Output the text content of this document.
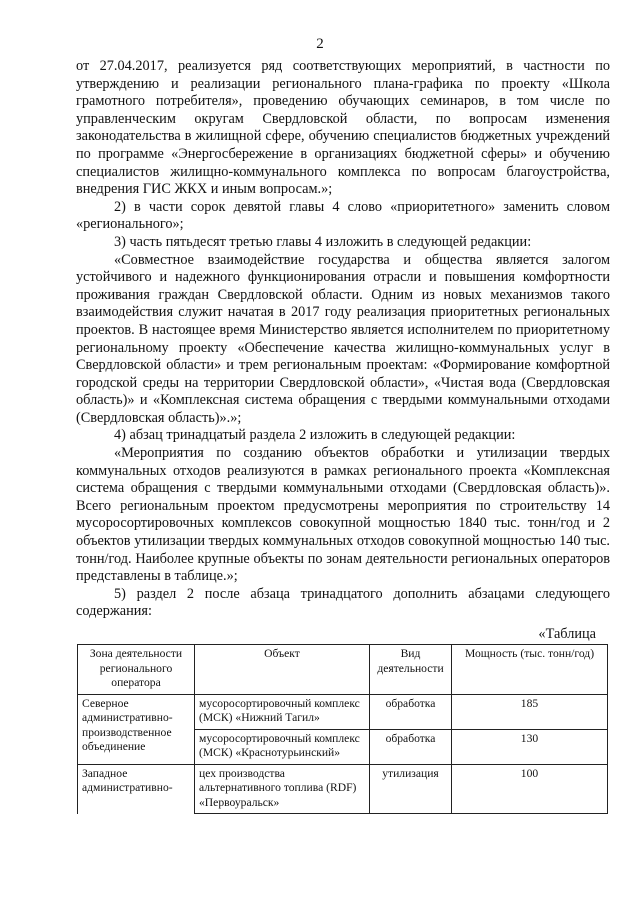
2

от 27.04.2017, реализуется ряд соответствующих мероприятий, в частности по утверждению и реализации регионального плана-графика по проекту «Школа грамотного потребителя», проведению обучающих семинаров, в том числе по управленческим округам Свердловской области, по вопросам изменения законодательства в жилищной сфере, обучению специалистов бюджетных учреждений по программе «Энергосбережение в организациях бюджетной сферы» и обучению специалистов жилищно-коммунального комплекса по вопросам благоустройства, внедрения ГИС ЖКХ и иным вопросам.»;

2) в части сорок девятой главы 4 слово «приоритетного» заменить словом «регионального»;

3) часть пятьдесят третью главы 4 изложить в следующей редакции:

«Совместное взаимодействие государства и общества является залогом устойчивого и надежного функционирования отрасли и повышения комфортности проживания граждан Свердловской области. Одним из новых механизмов такого взаимодействия служит начатая в 2017 году реализация приоритетных региональных проектов. В настоящее время Министерство является исполнителем по приоритетному региональному проекту «Обеспечение качества жилищно-коммунальных услуг в Свердловской области» и трем региональным проектам: «Формирование комфортной городской среды на территории Свердловской области», «Чистая вода (Свердловская область)» и «Комплексная система обращения с твердыми коммунальными отходами (Свердловская область)».»;

4) абзац тринадцатый раздела 2 изложить в следующей редакции:

«Мероприятия по созданию объектов обработки и утилизации твердых коммунальных отходов реализуются в рамках регионального проекта «Комплексная система обращения с твердыми коммунальными отходами (Свердловская область)». Всего региональным проектом предусмотрены мероприятия по строительству 14 мусоросортировочных комплексов совокупной мощностью 1840 тыс. тонн/год и 2 объектов утилизации твердых коммунальных отходов совокупной мощностью 140 тыс. тонн/год. Наиболее крупные объекты по зонам деятельности региональных операторов представлены в таблице.»;

5) раздел 2 после абзаца тринадцатого дополнить абзацами следующего содержания:

«Таблица
Зона деятельности регионального оператора	Объект	Вид деятельности	Мощность (тыс. тонн/год)
Северное административно-производственное объединение	мусоросортировочный комплекс (МСК) «Нижний Тагил»	обработка	185
	мусоросортировочный комплекс (МСК) «Краснотурьинский»	обработка	130
Западное административно-	цех производства альтернативного топлива (RDF) «Первоуральск»	утилизация	100
